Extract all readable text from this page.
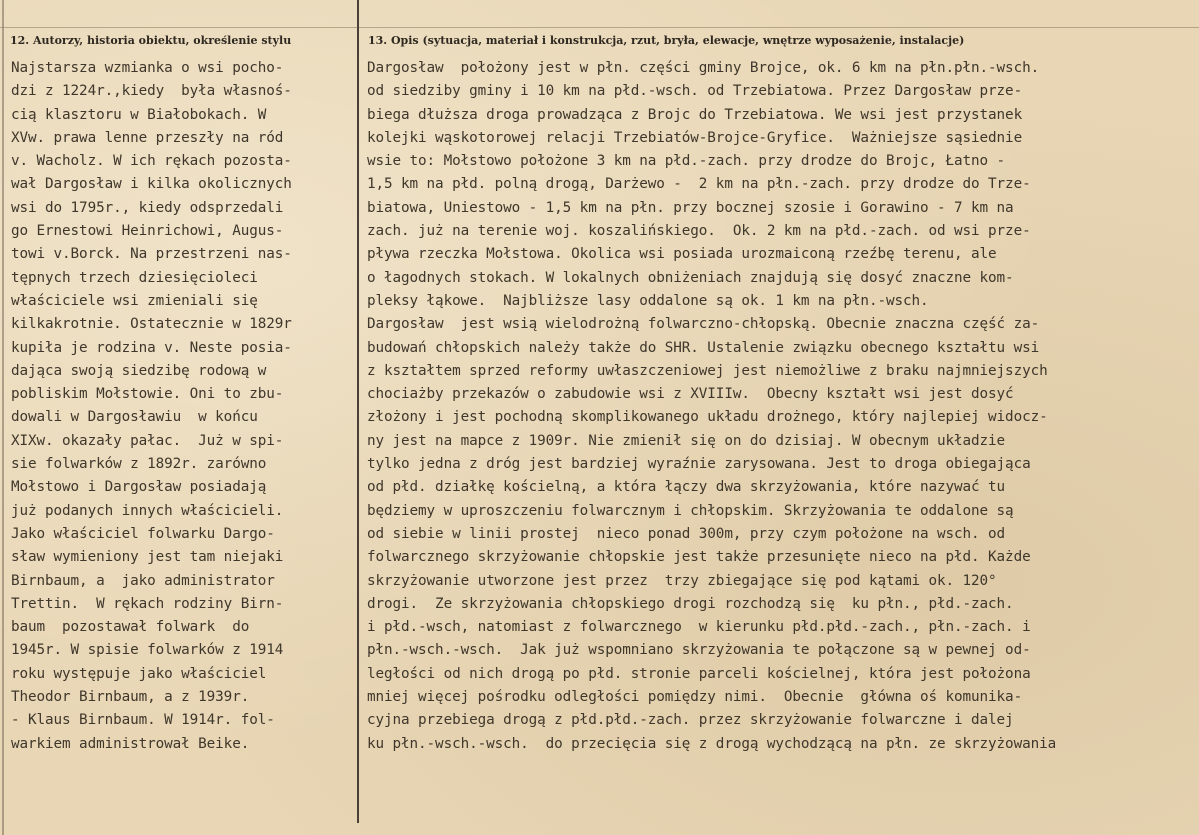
12. Autorzy, historia obiektu, określenie stylu	13. Opis (sytuacja, materiał i konstrukcja, rzut, bryła, elewacje, wnętrze wyposażenie, instalacje)
Najstarsza wzmianka o wsi pocho-
dzi z 1224r.,kiedy  była własnoś-
cią klasztoru w Białobokach. W
XVw. prawa lenne przeszły na ród
v. Wacholz. W ich rękach pozosta-
wał Dargosław i kilka okolicznych
wsi do 1795r., kiedy odsprzedali
go Ernestowi Heinrichowi, Augus-
towi v.Borck. Na przestrzeni nas-
tępnych trzech dziesięcioleci
właściciele wsi zmieniali się
kilkakrotnie. Ostatecznie w 1829r
kupiła je rodzina v. Neste posia-
dająca swoją siedzibę rodową w
pobliskim Mołstowie. Oni to zbu-
dowali w Dargosławiu  w końcu
XIXw. okazały pałac.  Już w spi-
sie folwarków z 1892r. zarówno
Mołstowo i Dargosław posiadają
już podanych innych właścicieli.
Jako właściciel folwarku Dargo-
sław wymieniony jest tam niejaki
Birnbaum, a  jako administrator
Trettin.  W rękach rodziny Birn-
baum  pozostawał folwark  do
1945r. W spisie folwarków z 1914
roku występuje jako właściciel
Theodor Birnbaum, a z 1939r.
- Klaus Birnbaum. W 1914r. fol-
warkiem administrował Beike.
Dargosław  położony jest w płn. części gminy Brojce, ok. 6 km na płn.płn.-wsch.
od siedziby gminy i 10 km na płd.-wsch. od Trzebiatowa. Przez Dargosław prze-
biega dłuższa droga prowadząca z Brojc do Trzebiatowa. We wsi jest przystanek
kolejki wąskotorowej relacji Trzebiatów-Brojce-Gryfice.  Ważniejsze sąsiednie
wsie to: Mołstowo położone 3 km na płd.-zach. przy drodze do Brojc, Łatno -
1,5 km na płd. polną drogą, Darżewo -  2 km na płn.-zach. przy drodze do Trze-
biatowa, Uniestowo - 1,5 km na płn. przy bocznej szosie i Gorawino - 7 km na
zach. już na terenie woj. koszalińskiego.  Ok. 2 km na płd.-zach. od wsi prze-
pływa rzeczka Mołstowa. Okolica wsi posiada urozmaiconą rzeźbę terenu, ale
o łagodnych stokach. W lokalnych obniżeniach znajdują się dosyć znaczne kom-
pleksy łąkowe.  Najbliższe lasy oddalone są ok. 1 km na płn.-wsch.
Dargosław  jest wsią wielodrożną folwarczno-chłopską. Obecnie znaczna część za-
budowań chłopskich należy także do SHR. Ustalenie związku obecnego kształtu wsi
z kształtem sprzed reformy uwłaszczeniowej jest niemożliwe z braku najmniejszych
chociażby przekazów o zabudowie wsi z XVIIIw.  Obecny kształt wsi jest dosyć
złożony i jest pochodną skomplikowanego układu drożnego, który najlepiej widocz-
ny jest na mapce z 1909r. Nie zmienił się on do dzisiaj. W obecnym układzie
tylko jedna z dróg jest bardziej wyraźnie zarysowana. Jest to droga obiegająca
od płd. działkę kościelną, a która łączy dwa skrzyżowania, które nazywać tu
będziemy w uproszczeniu folwarcznym i chłopskim. Skrzyżowania te oddalone są
od siebie w linii prostej  nieco ponad 300m, przy czym położone na wsch. od
folwarcznego skrzyżowanie chłopskie jest także przesunięte nieco na płd. Każde
skrzyżowanie utworzone jest przez  trzy zbiegające się pod kątami ok. 120°
drogi.  Ze skrzyżowania chłopskiego drogi rozchodzą się  ku płn., płd.-zach.
i płd.-wsch, natomiast z folwarcznego  w kierunku płd.płd.-zach., płn.-zach. i
płn.-wsch.-wsch.  Jak już wspomniano skrzyżowania te połączone są w pewnej od-
ległości od nich drogą po płd. stronie parceli kościelnej, która jest położona
mniej więcej pośrodku odległości pomiędzy nimi.  Obecnie  główna oś komunika-
cyjna przebiega drogą z płd.płd.-zach. przez skrzyżowanie folwarczne i dalej
ku płn.-wsch.-wsch.  do przecięcia się z drogą wychodzącą na płn. ze skrzyżowania
